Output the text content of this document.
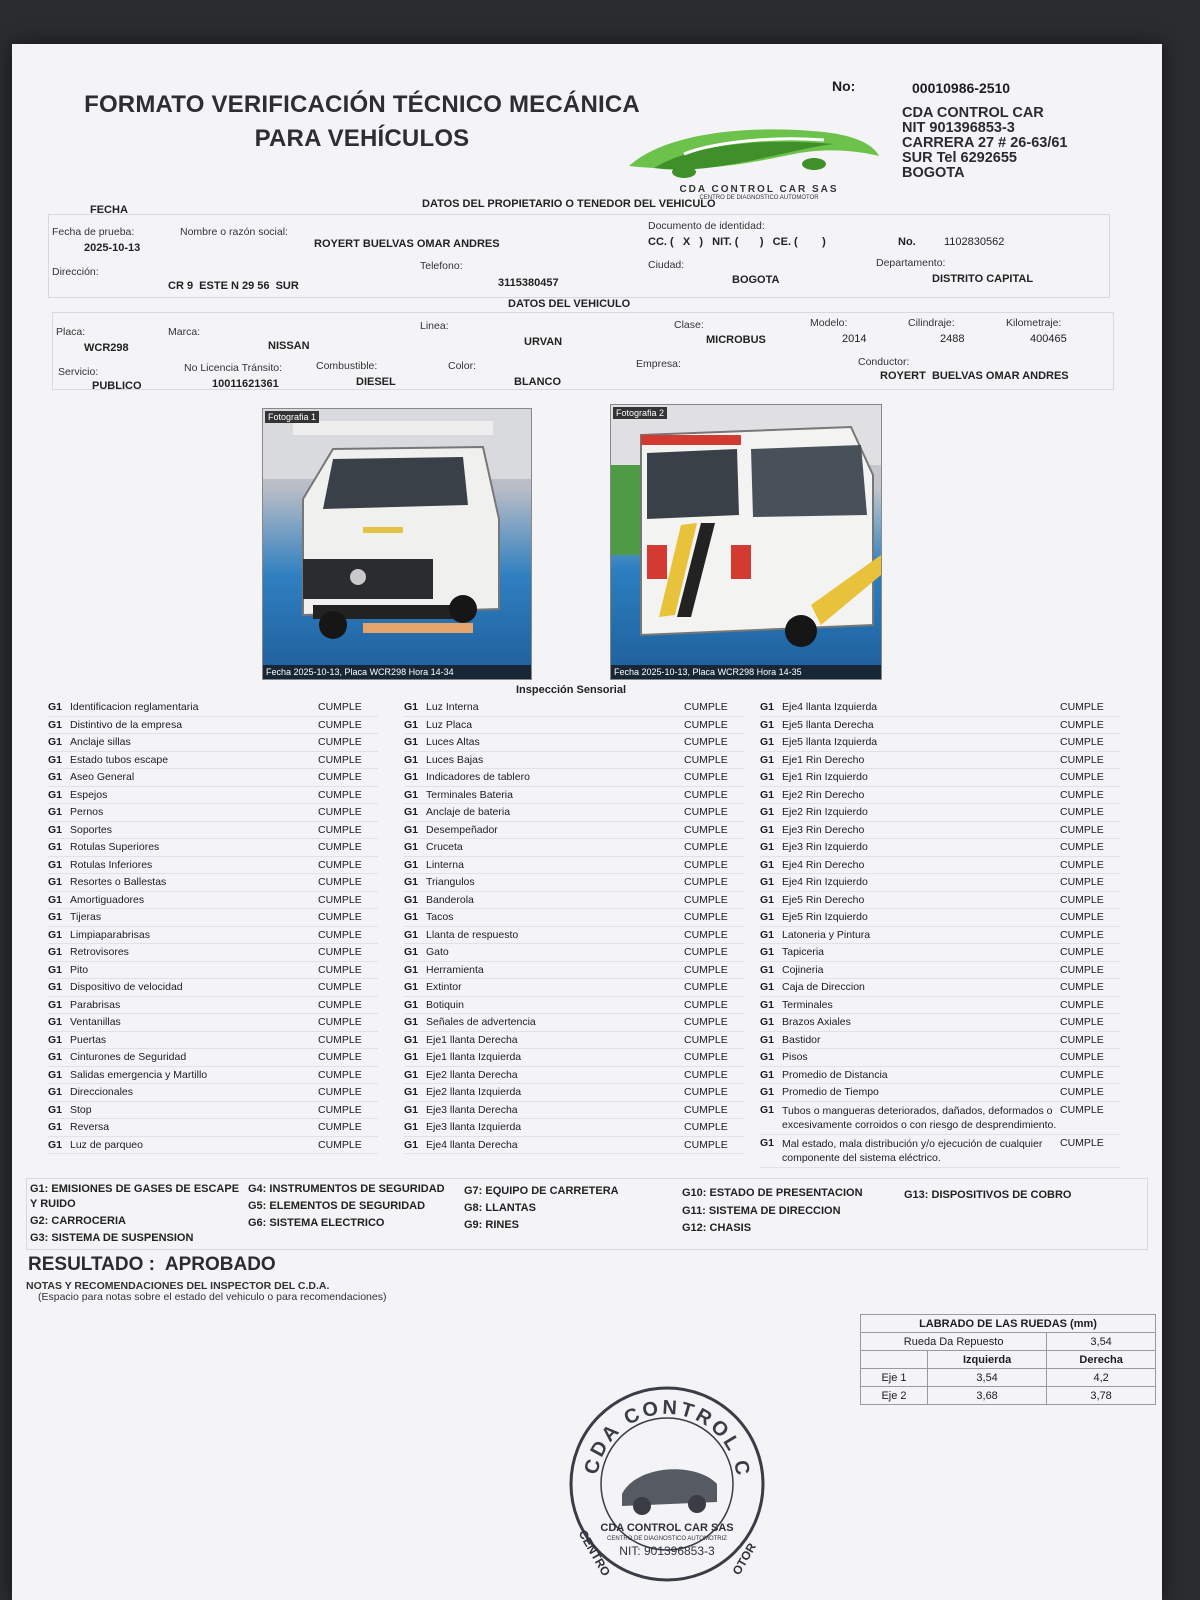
FORMATO VERIFICACIÓN TÉCNICO MECÁNICA
PARA VEHÍCULOS
No:	00010986-2510
CDA CONTROL CAR
NIT 901396853-3
CARRERA 27 # 26-63/61
SUR Tel 6292655
BOGOTA
CDA CONTROL CAR SAS
CENTRO DE DIAGNOSTICO AUTOMOTOR
FECHA	DATOS DEL PROPIETARIO O TENEDOR DEL VEHICULO
Fecha de prueba:
2025-10-13
Nombre o razón social:
ROYERT BUELVAS OMAR ANDRES
Documento de identidad:
CC. (   X   )   NIT. (       )   CE. (        )	No.	1102830562
Dirección:
CR 9  ESTE N 29 56  SUR
Telefono:
3115380457
Ciudad:
BOGOTA
Departamento:
DISTRITO CAPITAL
DATOS DEL VEHICULO
Placa:
WCR298
Marca:
NISSAN
Linea:
URVAN
Clase:
MICROBUS
Modelo:
2014
Cilindraje:
2488
Kilometraje:
400465
Servicio:
PUBLICO
No Licencia Tránsito:
10011621361
Combustible:
DIESEL
Color:
BLANCO
Empresa:	Conductor:
ROYERT  BUELVAS OMAR ANDRES
Fotografia 1
Fecha 2025-10-13, Placa WCR298 Hora 14-34
Fotografia 2
Fecha 2025-10-13, Placa WCR298 Hora 14-35
Inspección Sensorial
G1 Identificacion reglamentaria	CUMPLE
G1 Distintivo de la empresa	CUMPLE
G1 Anclaje sillas	CUMPLE
G1 Estado tubos escape	CUMPLE
G1 Aseo General	CUMPLE
G1 Espejos	CUMPLE
G1 Pernos	CUMPLE
G1 Soportes	CUMPLE
G1 Rotulas Superiores	CUMPLE
G1 Rotulas Inferiores	CUMPLE
G1 Resortes o Ballestas	CUMPLE
G1 Amortiguadores	CUMPLE
G1 Tijeras	CUMPLE
G1 Limpiaparabrisas	CUMPLE
G1 Retrovisores	CUMPLE
G1 Pito	CUMPLE
G1 Dispositivo de velocidad	CUMPLE
G1 Parabrisas	CUMPLE
G1 Ventanillas	CUMPLE
G1 Puertas	CUMPLE
G1 Cinturones de Seguridad	CUMPLE
G1 Salidas emergencia y Martillo	CUMPLE
G1 Direccionales	CUMPLE
G1 Stop	CUMPLE
G1 Reversa	CUMPLE
G1 Luz de parqueo	CUMPLE
G1 Luz Interna	CUMPLE
G1 Luz Placa	CUMPLE
G1 Luces Altas	CUMPLE
G1 Luces Bajas	CUMPLE
G1 Indicadores de tablero	CUMPLE
G1 Terminales Bateria	CUMPLE
G1 Anclaje de bateria	CUMPLE
G1 Desempeñador	CUMPLE
G1 Cruceta	CUMPLE
G1 Linterna	CUMPLE
G1 Triangulos	CUMPLE
G1 Banderola	CUMPLE
G1 Tacos	CUMPLE
G1 Llanta de respuesto	CUMPLE
G1 Gato	CUMPLE
G1 Herramienta	CUMPLE
G1 Extintor	CUMPLE
G1 Botiquin	CUMPLE
G1 Señales de advertencia	CUMPLE
G1 Eje1 llanta Derecha	CUMPLE
G1 Eje1 llanta Izquierda	CUMPLE
G1 Eje2 llanta Derecha	CUMPLE
G1 Eje2 llanta Izquierda	CUMPLE
G1 Eje3 llanta Derecha	CUMPLE
G1 Eje3 llanta Izquierda	CUMPLE
G1 Eje4 llanta Derecha	CUMPLE
G1 Eje4 llanta Izquierda	CUMPLE
G1 Eje5 llanta Derecha	CUMPLE
G1 Eje5 llanta Izquierda	CUMPLE
G1 Eje1 Rin Derecho	CUMPLE
G1 Eje1 Rin Izquierdo	CUMPLE
G1 Eje2 Rin Derecho	CUMPLE
G1 Eje2 Rin Izquierdo	CUMPLE
G1 Eje3 Rin Derecho	CUMPLE
G1 Eje3 Rin Izquierdo	CUMPLE
G1 Eje4 Rin Derecho	CUMPLE
G1 Eje4 Rin Izquierdo	CUMPLE
G1 Eje5 Rin Derecho	CUMPLE
G1 Eje5 Rin Izquierdo	CUMPLE
G1 Latoneria y Pintura	CUMPLE
G1 Tapiceria	CUMPLE
G1 Cojineria	CUMPLE
G1 Caja de Direccion	CUMPLE
G1 Terminales	CUMPLE
G1 Brazos Axiales	CUMPLE
G1 Bastidor	CUMPLE
G1 Pisos	CUMPLE
G1 Promedio de Distancia	CUMPLE
G1 Promedio de Tiempo	CUMPLE
G1 Tubos o mangueras deteriorados, dañados, deformados o excesivamente corroidos o con riesgo de desprendimiento.
CUMPLE
G1 Mal estado, mala distribución y/o ejecución de cualquier componente del sistema eléctrico.
CUMPLE
G1: EMISIONES DE GASES DE ESCAPE Y RUIDO
G2: CARROCERIA
G3: SISTEMA DE SUSPENSION
G4: INSTRUMENTOS DE SEGURIDAD
G5: ELEMENTOS DE SEGURIDAD
G6: SISTEMA ELECTRICO
G7: EQUIPO DE CARRETERA
G8: LLANTAS
G9: RINES
G10: ESTADO DE PRESENTACION
G11: SISTEMA DE DIRECCION
G12: CHASIS
G13: DISPOSITIVOS DE COBRO
RESULTADO :  APROBADO
NOTAS Y RECOMENDACIONES DEL INSPECTOR DEL C.D.A.
(Espacio para notas sobre el estado del vehiculo o para recomendaciones)
LABRADO DE LAS RUEDAS (mm)		
Rueda Da Repuesto		3,54
	Izquierda	Derecha
Eje 1	3,54	4,2
Eje 2	3,68	3,78
CDA CONTROL C
CDA CONTROL CAR SAS
CENTRO DE DIAGNOSTICO AUTOMOTRIZ
NIT: 901396853-3
CENTRO	OTOR
